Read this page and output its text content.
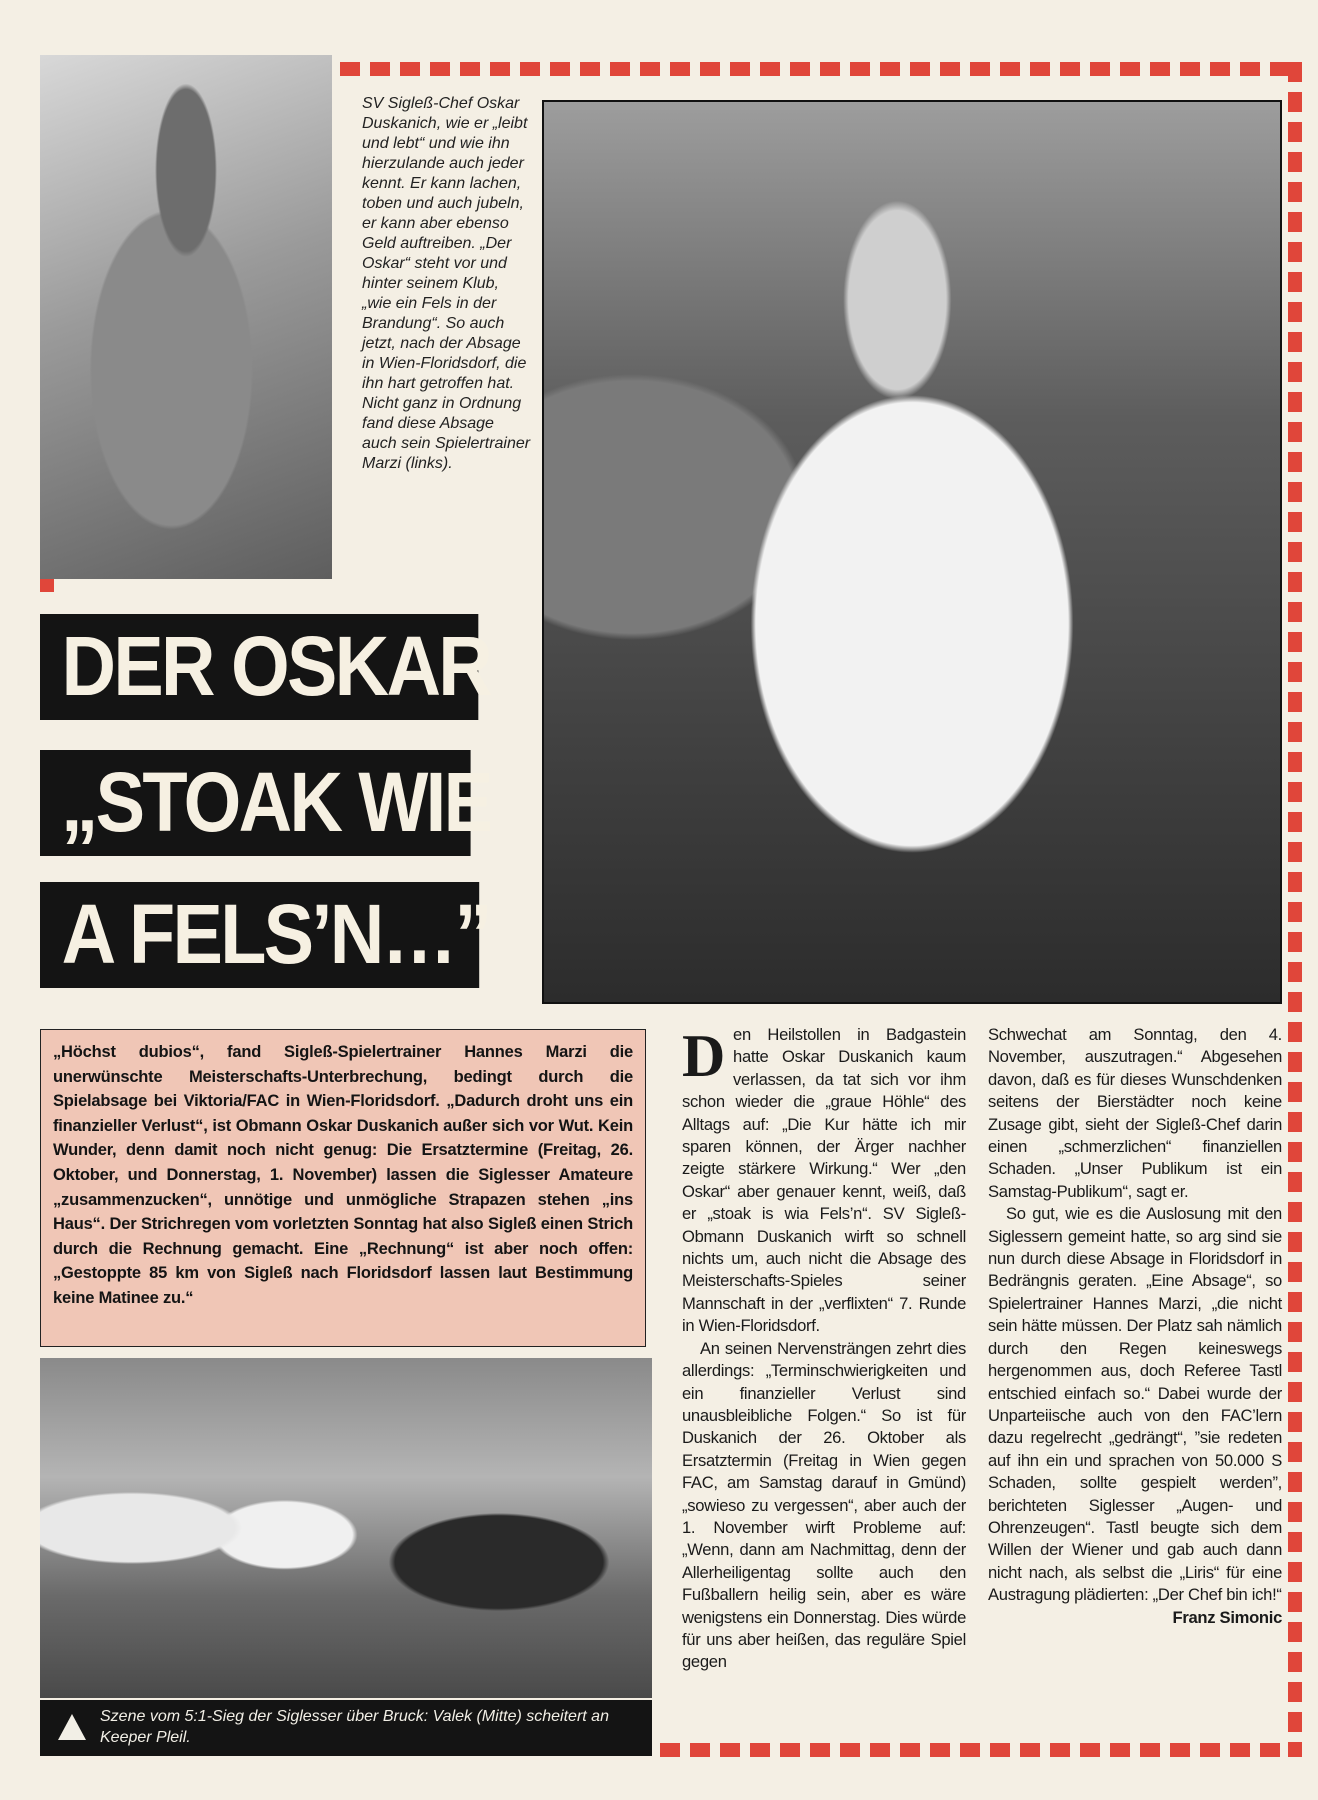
SV Sigleß-Chef Oskar Duskanich, wie er „leibt und lebt“ und wie ihn hierzulande auch jeder kennt. Er kann lachen, toben und auch jubeln, er kann aber ebenso Geld auftreiben. „Der Oskar“ steht vor und hinter seinem Klub, „wie ein Fels in der Brandung“. So auch jetzt, nach der Absage in Wien-Floridsdorf, die ihn hart getroffen hat. Nicht ganz in Ordnung fand diese Absage auch sein Spielertrainer Marzi (links).

DER OSKAR
„STOAK WIE
A FELS’N…”

„Höchst dubios“, fand Sigleß-Spielertrainer Hannes Marzi die unerwünschte Meisterschafts-Unterbrechung, bedingt durch die Spielabsage bei Viktoria/FAC in Wien-Floridsdorf. „Dadurch droht uns ein finanzieller Verlust“, ist Obmann Oskar Duskanich außer sich vor Wut. Kein Wunder, denn damit noch nicht genug: Die Ersatztermine (Freitag, 26. Oktober, und Donnerstag, 1. November) lassen die Siglesser Amateure „zusammenzucken“, unnötige und unmögliche Strapazen stehen „ins Haus“. Der Strichregen vom vorletzten Sonntag hat also Sigleß einen Strich durch die Rechnung gemacht. Eine „Rechnung“ ist aber noch offen: „Gestoppte 85 km von Sigleß nach Floridsdorf lassen laut Bestimmung keine Matinee zu.“

Szene vom 5:1-Sieg der Siglesser über Bruck: Valek (Mitte) scheitert an Keeper Pleil.

Den Heilstollen in Badgastein hatte Oskar Duskanich kaum verlassen, da tat sich vor ihm schon wieder die „graue Höhle“ des Alltags auf: „Die Kur hätte ich mir sparen können, der Ärger nachher zeigte stärkere Wirkung.“ Wer „den Oskar“ aber genauer kennt, weiß, daß er „stoak is wia Fels’n“. SV Sigleß-Obmann Duskanich wirft so schnell nichts um, auch nicht die Absage des Meisterschafts-Spieles seiner Mannschaft in der „verflixten“ 7. Runde in Wien-Floridsdorf.

An seinen Nervensträngen zehrt dies allerdings: „Terminschwierigkeiten und ein finanzieller Verlust sind unausbleibliche Folgen.“ So ist für Duskanich der 26. Oktober als Ersatztermin (Freitag in Wien gegen FAC, am Samstag darauf in Gmünd) „sowieso zu vergessen“, aber auch der 1. November wirft Probleme auf: „Wenn, dann am Nachmittag, denn der Allerheiligentag sollte auch den Fußballern heilig sein, aber es wäre wenigstens ein Donnerstag. Dies würde für uns aber heißen, das reguläre Spiel gegen

Schwechat am Sonntag, den 4. November, auszutragen.“ Abgesehen davon, daß es für dieses Wunschdenken seitens der Bierstädter noch keine Zusage gibt, sieht der Sigleß-Chef darin einen „schmerzlichen“ finanziellen Schaden. „Unser Publikum ist ein Samstag-Publikum“, sagt er.

So gut, wie es die Auslosung mit den Siglessern gemeint hatte, so arg sind sie nun durch diese Absage in Floridsdorf in Bedrängnis geraten. „Eine Absage“, so Spielertrainer Hannes Marzi, „die nicht sein hätte müssen. Der Platz sah nämlich durch den Regen keineswegs hergenommen aus, doch Referee Tastl entschied einfach so.“ Dabei wurde der Unparteiische auch von den FAC’lern dazu regelrecht „gedrängt“, ”sie redeten auf ihn ein und sprachen von 50.000 S Schaden, sollte gespielt werden”, berichteten Siglesser „Augen- und Ohrenzeugen“. Tastl beugte sich dem Willen der Wiener und gab auch dann nicht nach, als selbst die „Liris“ für eine Austragung plädierten: „Der Chef bin ich!“

Franz Simonic
